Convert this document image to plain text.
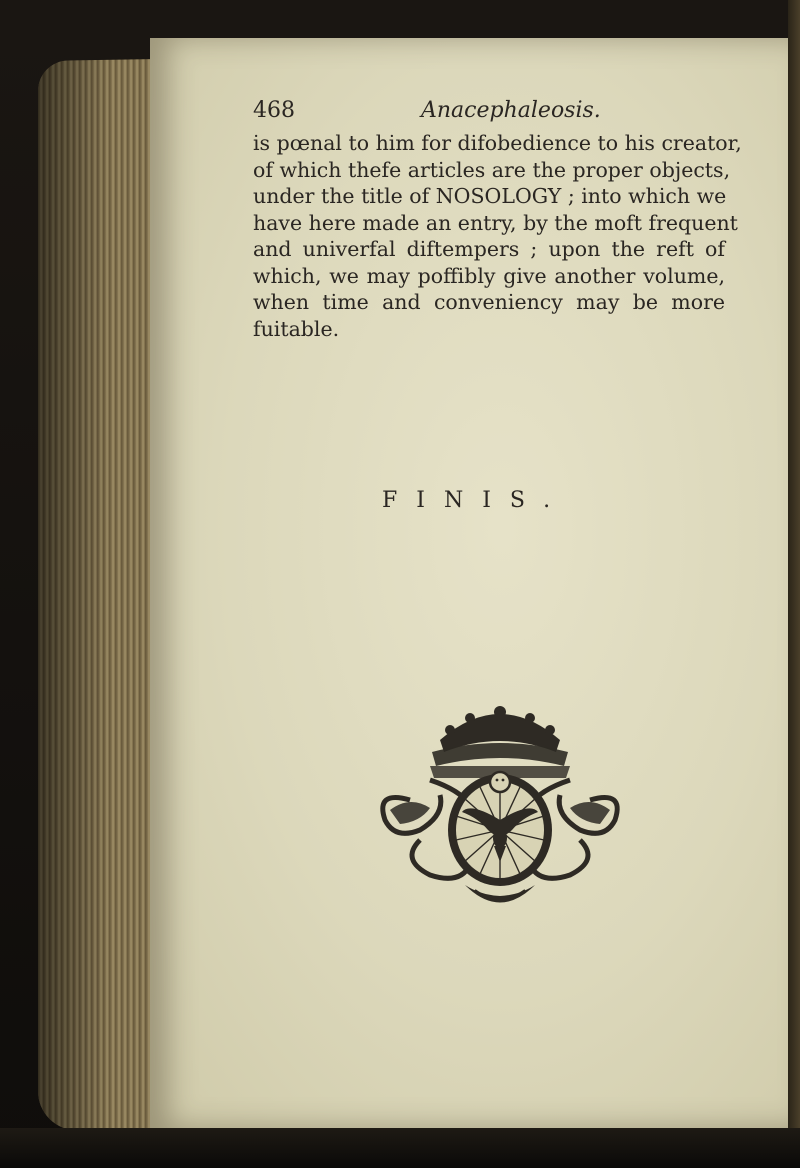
468	Anacephaleosis.
is pœnal to him for difobedience to his creator,
of which thefe articles are the proper objects,
under the title of NOSOLOGY ; into which we
have here made an entry, by the moft frequent
and univerfal diftempers ; upon the reft of
which, we may poffibly give another volume,
when time and conveniency may be more
fuitable.
FINIS.
